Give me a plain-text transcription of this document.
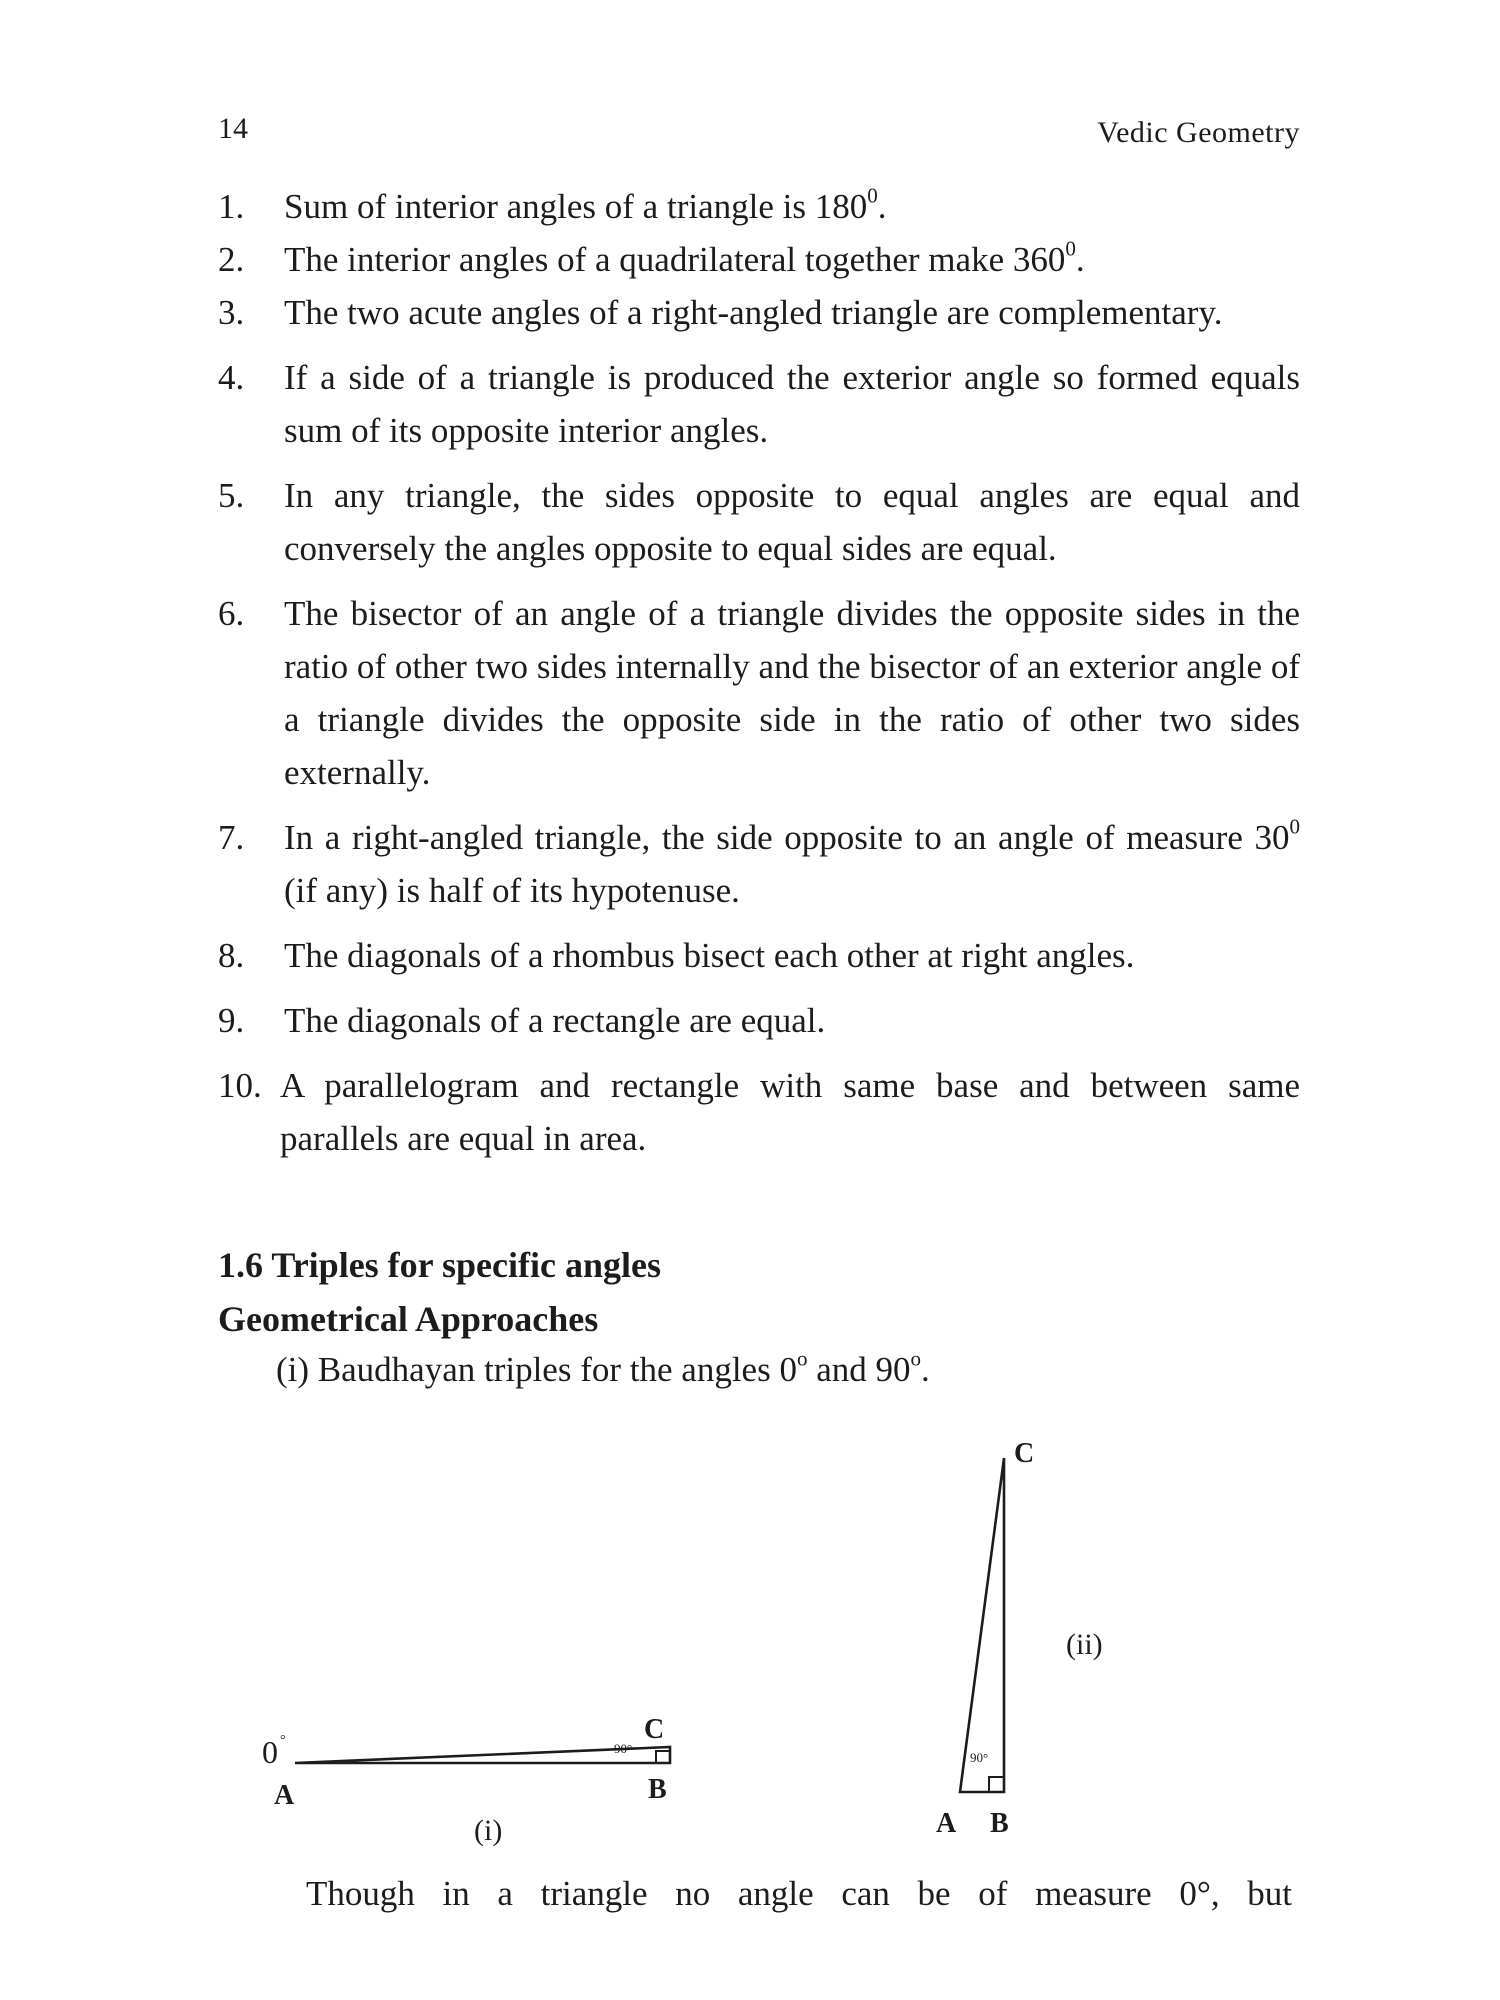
14	Vedic Geometry
1. Sum of interior angles of a triangle is $180^0$.
2. The interior angles of a quadrilateral together make $360^0$.
3. The two acute angles of a right-angled triangle are complementary.
4. If a side of a triangle is produced the exterior angle so formed equals sum of its opposite interior angles.
5. In any triangle, the sides opposite to equal angles are equal and conversely the angles opposite to equal sides are equal.
6. The bisector of an angle of a triangle divides the opposite sides in the ratio of other two sides internally and the bisector of an exterior angle of a triangle divides the opposite side in the ratio of other two sides externally.
7. In a right-angled triangle, the side opposite to an angle of measure $30^0$ (if any) is half of its hypotenuse.
8. The diagonals of a rhombus bisect each other at right angles.
9. The diagonals of a rectangle are equal.
10. A parallelogram and rectangle with same base and between same parallels are equal in area.
1.6 Triples for specific angles
Geometrical Approaches
(i) Baudhayan triples for the angles 0$^o$ and 90$^o$.
0 °
90°
A	B
C
(i)
90°
A B
C
(ii)
Though in a triangle no angle can be of measure 0°, but
